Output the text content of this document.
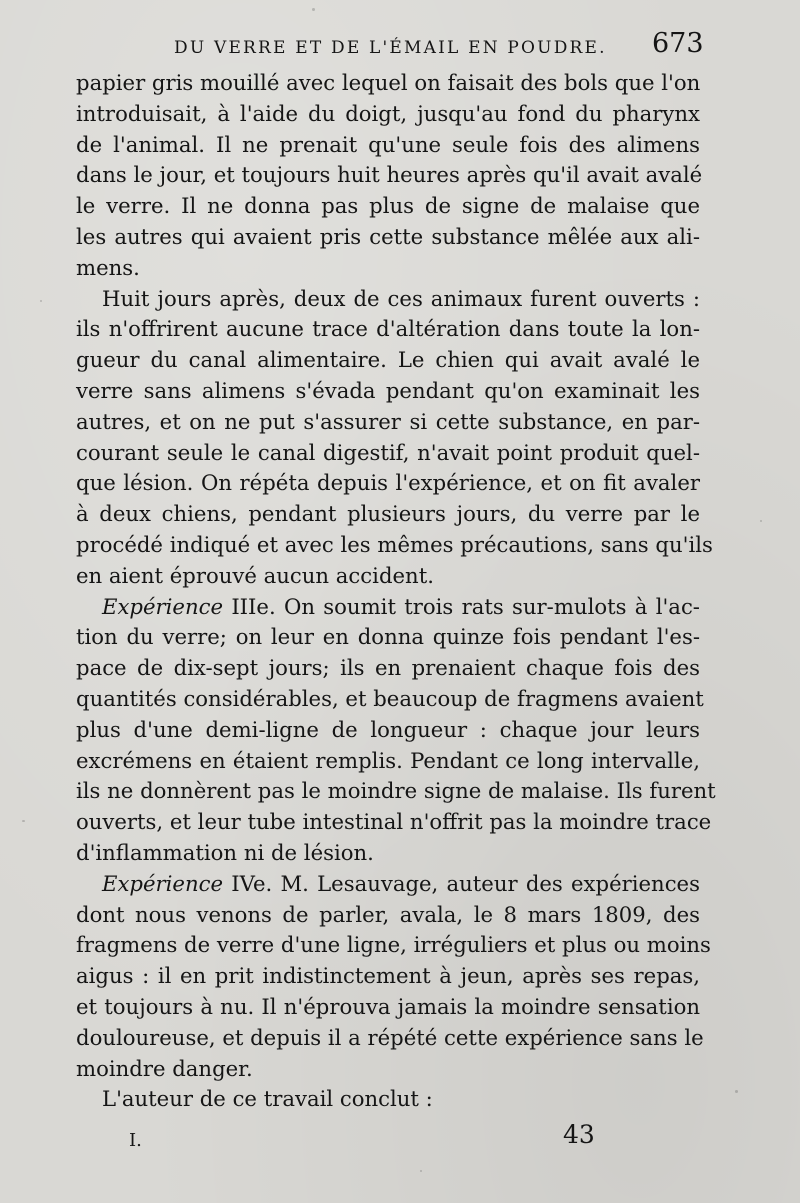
DU VERRE ET DE L'ÉMAIL EN POUDRE. 673
papier gris mouillé avec lequel on faisait des bols que l'on
introduisait, à l'aide du doigt, jusqu'au fond du pharynx
de l'animal. Il ne prenait qu'une seule fois des alimens
dans le jour, et toujours huit heures après qu'il avait avalé
le verre. Il ne donna pas plus de signe de malaise que
les autres qui avaient pris cette substance mêlée aux ali-
mens.
Huit jours après, deux de ces animaux furent ouverts :
ils n'offrirent aucune trace d'altération dans toute la lon-
gueur du canal alimentaire. Le chien qui avait avalé le
verre sans alimens s'évada pendant qu'on examinait les
autres, et on ne put s'assurer si cette substance, en par-
courant seule le canal digestif, n'avait point produit quel-
que lésion. On répéta depuis l'expérience, et on fit avaler
à deux chiens, pendant plusieurs jours, du verre par le
procédé indiqué et avec les mêmes précautions, sans qu'ils
en aient éprouvé aucun accident.
Expérience IIIe. On soumit trois rats sur-mulots à l'ac-
tion du verre; on leur en donna quinze fois pendant l'es-
pace de dix-sept jours; ils en prenaient chaque fois des
quantités considérables, et beaucoup de fragmens avaient
plus d'une demi-ligne de longueur : chaque jour leurs
excrémens en étaient remplis. Pendant ce long intervalle,
ils ne donnèrent pas le moindre signe de malaise. Ils furent
ouverts, et leur tube intestinal n'offrit pas la moindre trace
d'inflammation ni de lésion.
Expérience IVe. M. Lesauvage, auteur des expériences
dont nous venons de parler, avala, le 8 mars 1809, des
fragmens de verre d'une ligne, irréguliers et plus ou moins
aigus : il en prit indistinctement à jeun, après ses repas,
et toujours à nu. Il n'éprouva jamais la moindre sensation
douloureuse, et depuis il a répété cette expérience sans le
moindre danger.
L'auteur de ce travail conclut :
I.	43
